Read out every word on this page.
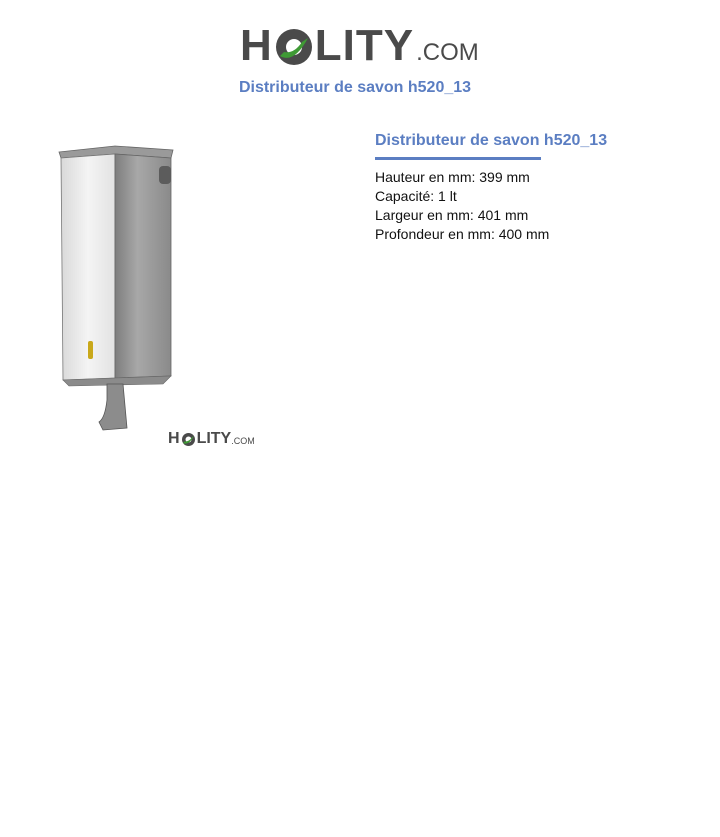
H LITY .COM
Distributeur de savon h520_13
H LITY .COM
Distributeur de savon h520_13
Hauteur en mm: 399 mm
Capacité: 1 lt
Largeur en mm: 401 mm
Profondeur en mm: 400 mm
